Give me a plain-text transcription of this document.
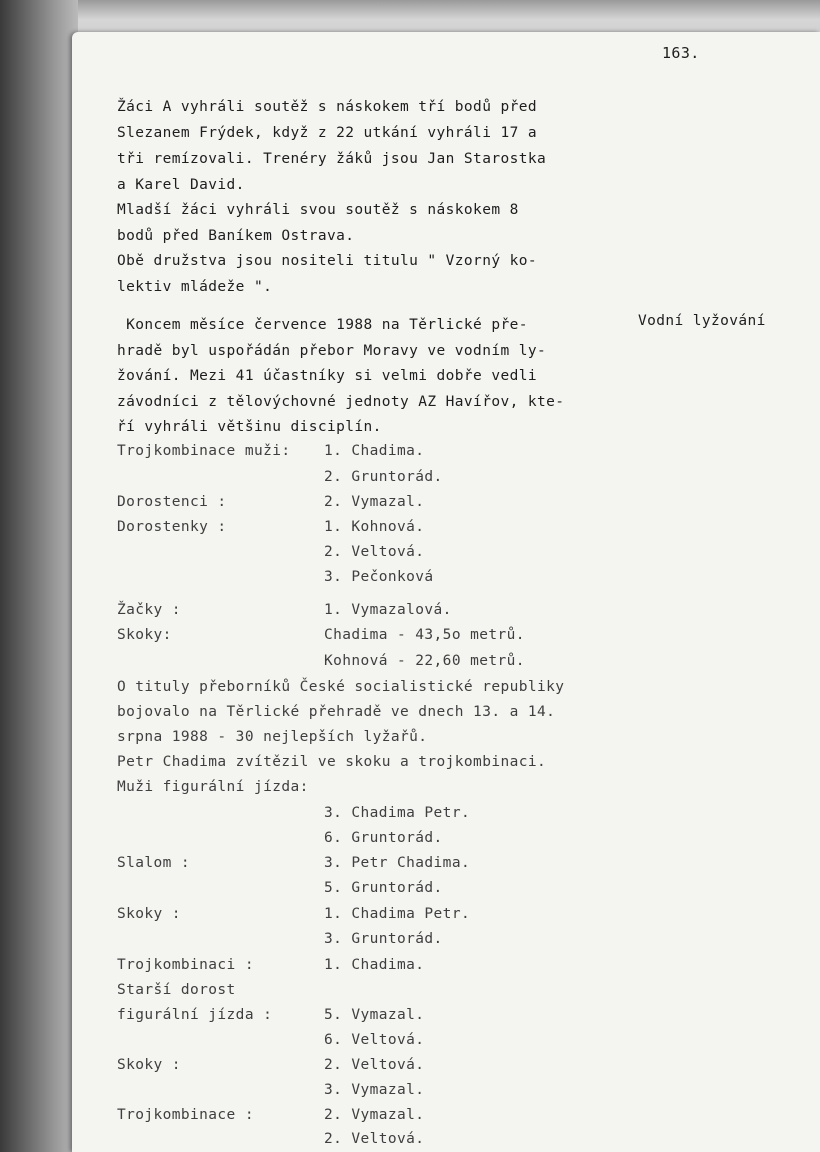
163.
Žáci A vyhráli soutěž s náskokem tří bodů před
Slezanem Frýdek, když z 22 utkání vyhráli 17 a
tři remízovali. Trenéry žáků jsou Jan Starostka
a Karel David.
Mladší žáci vyhráli svou soutěž s náskokem 8
bodů před Baníkem Ostrava.
Obě družstva jsou nositeli titulu " Vzorný ko-
lektiv mládeže ".
Vodní lyžování
Koncem měsíce července 1988 na Těrlické pře-
hradě byl uspořádán přebor Moravy ve vodním ly-
žování. Mezi 41 účastníky si velmi dobře vedli
závodníci z tělovýchovné jednoty AZ Havířov, kte-
ří vyhráli většinu disciplín.
Trojkombinace muži: 1. Chadima.
2. Gruntorád.
Dorostenci :	2. Vymazal.
Dorostenky :	1. Kohnová.
2. Veltová.
3. Pečonková
Žačky :	1. Vymazalová.
Skoky:	Chadima - 43,5o metrů.
Kohnová - 22,60 metrů.
O tituly přeborníků České socialistické republiky
bojovalo na Těrlické přehradě ve dnech 13. a 14.
srpna 1988 - 30 nejlepších lyžařů.
Petr Chadima zvítězil ve skoku a trojkombinaci.
Muži figurální jízda:
3. Chadima Petr.
6. Gruntorád.
Slalom :	3. Petr Chadima.
5. Gruntorád.
Skoky :	1. Chadima Petr.
3. Gruntorád.
Trojkombinaci :	1. Chadima.
Starší dorost
figurální jízda :	5. Vymazal.
6. Veltová.
Skoky :	2. Veltová.
3. Vymazal.
Trojkombinace :	2. Vymazal.
2. Veltová.
